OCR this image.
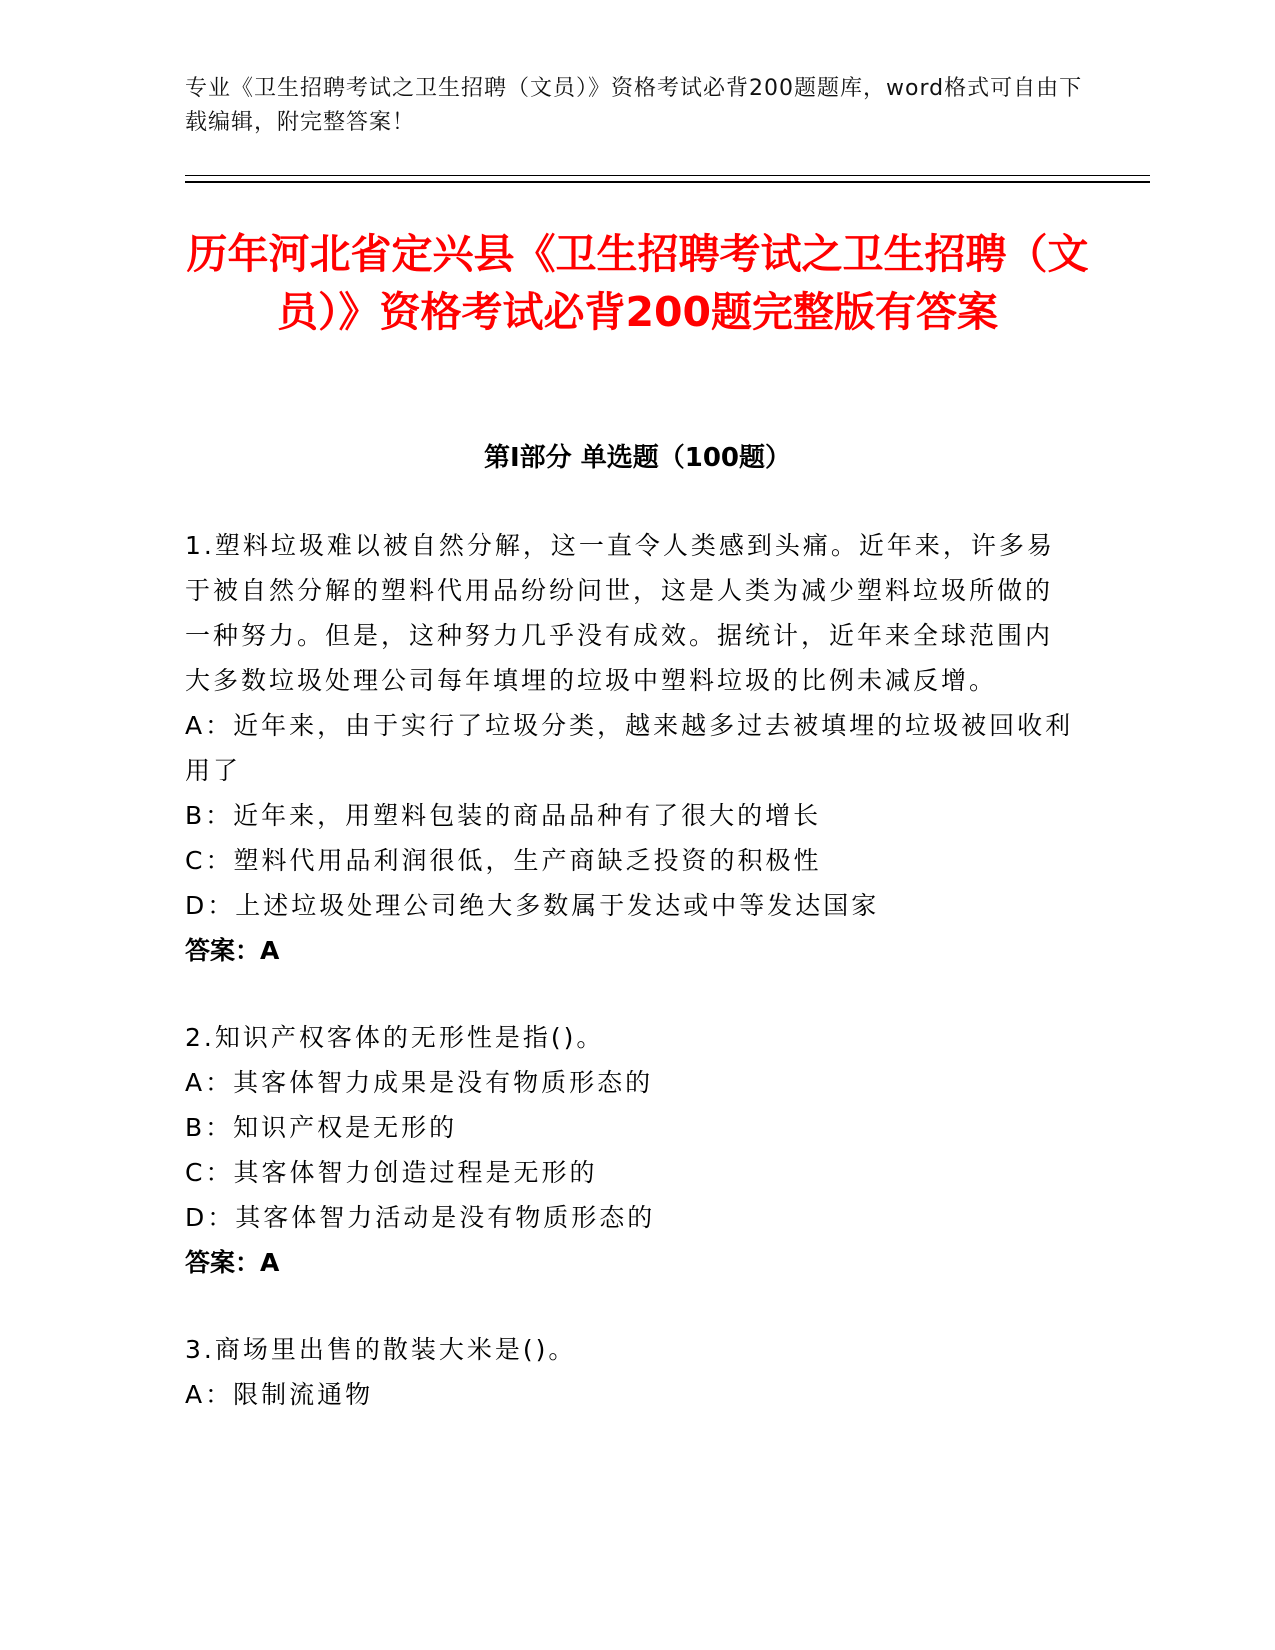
专业《卫生招聘考试之卫生招聘（文员）》资格考试必背200题题库，word格式可自由下载编辑，附完整答案！
历年河北省定兴县《卫生招聘考试之卫生招聘（文员）》资格考试必背200题完整版有答案
第I部分 单选题（100题）

1.塑料垃圾难以被自然分解，这一直令人类感到头痛。近年来，许多易于被自然分解的塑料代用品纷纷问世，这是人类为减少塑料垃圾所做的一种努力。但是，这种努力几乎没有成效。据统计，近年来全球范围内大多数垃圾处理公司每年填埋的垃圾中塑料垃圾的比例未减反增。

A：近年来，由于实行了垃圾分类，越来越多过去被填埋的垃圾被回收利用了

B：近年来，用塑料包装的商品品种有了很大的增长

C：塑料代用品利润很低，生产商缺乏投资的积极性

D：上述垃圾处理公司绝大多数属于发达或中等发达国家

答案：A

2.知识产权客体的无形性是指()。

A：其客体智力成果是没有物质形态的

B：知识产权是无形的

C：其客体智力创造过程是无形的

D：其客体智力活动是没有物质形态的

答案：A

3.商场里出售的散装大米是()。

A：限制流通物
